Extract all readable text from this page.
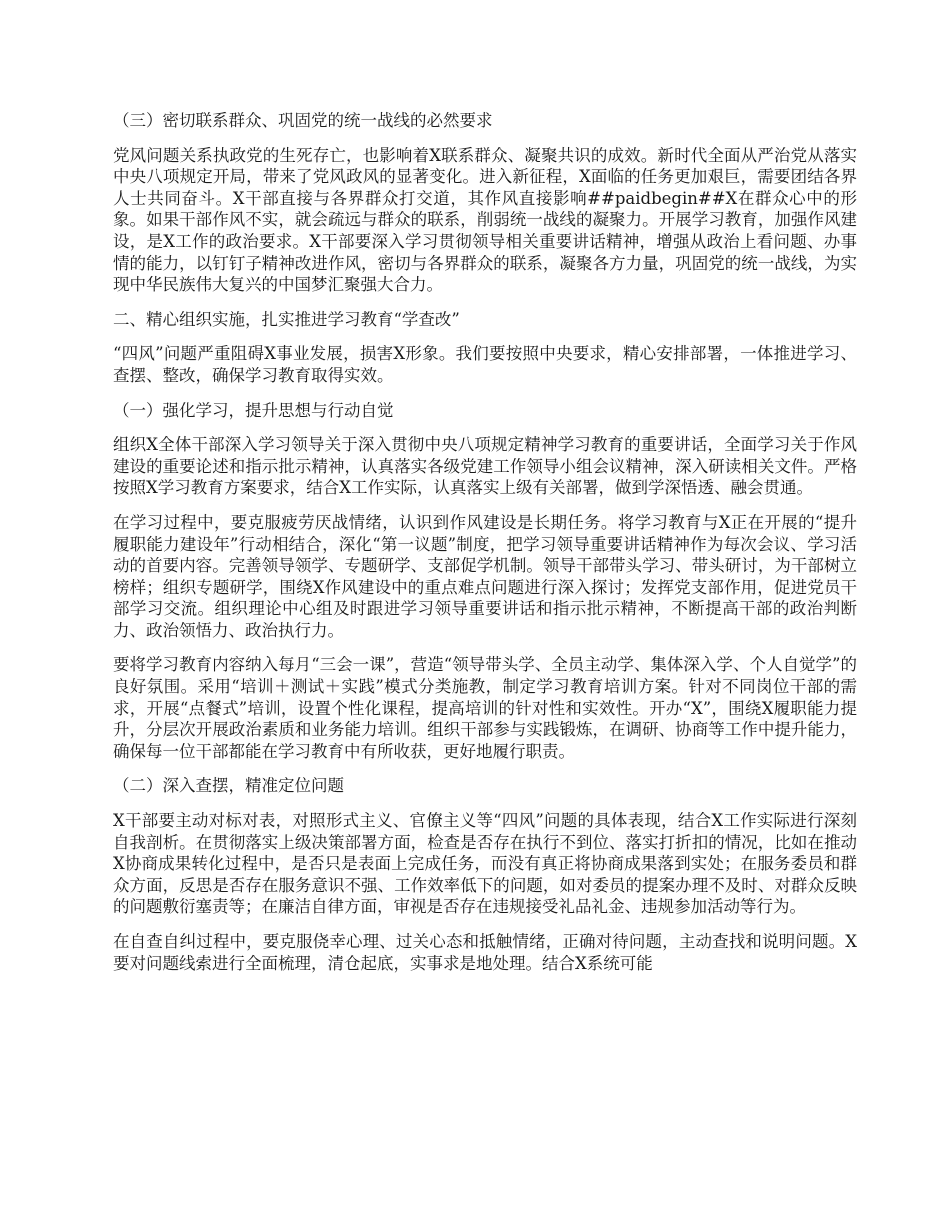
（三）密切联系群众、巩固党的统一战线的必然要求

党风问题关系执政党的生死存亡，也影响着X联系群众、凝聚共识的成效。新时代全面从严治党从落实中央八项规定开局，带来了党风政风的显著变化。进入新征程，X面临的任务更加艰巨，需要团结各界人士共同奋斗。X干部直接与各界群众打交道，其作风直接影响##paidbegin##X在群众心中的形象。如果干部作风不实，就会疏远与群众的联系，削弱统一战线的凝聚力。开展学习教育，加强作风建设，是X工作的政治要求。X干部要深入学习贯彻领导相关重要讲话精神，增强从政治上看问题、办事情的能力，以钉钉子精神改进作风，密切与各界群众的联系，凝聚各方力量，巩固党的统一战线，为实现中华民族伟大复兴的中国梦汇聚强大合力。

二、精心组织实施，扎实推进学习教育“学查改”

“四风”问题严重阻碍X事业发展，损害X形象。我们要按照中央要求，精心安排部署，一体推进学习、查摆、整改，确保学习教育取得实效。

（一）强化学习，提升思想与行动自觉

组织X全体干部深入学习领导关于深入贯彻中央八项规定精神学习教育的重要讲话，全面学习关于作风建设的重要论述和指示批示精神，认真落实各级党建工作领导小组会议精神，深入研读相关文件。严格按照X学习教育方案要求，结合X工作实际，认真落实上级有关部署，做到学深悟透、融会贯通。

在学习过程中，要克服疲劳厌战情绪，认识到作风建设是长期任务。将学习教育与X正在开展的“提升履职能力建设年”行动相结合，深化“第一议题”制度，把学习领导重要讲话精神作为每次会议、学习活动的首要内容。完善领导领学、专题研学、支部促学机制。领导干部带头学习、带头研讨，为干部树立榜样；组织专题研学，围绕X作风建设中的重点难点问题进行深入探讨；发挥党支部作用，促进党员干部学习交流。组织理论中心组及时跟进学习领导重要讲话和指示批示精神，不断提高干部的政治判断力、政治领悟力、政治执行力。

要将学习教育内容纳入每月“三会一课”，营造“领导带头学、全员主动学、集体深入学、个人自觉学”的良好氛围。采用“培训＋测试＋实践”模式分类施教，制定学习教育培训方案。针对不同岗位干部的需求，开展“点餐式”培训，设置个性化课程，提高培训的针对性和实效性。开办“X”，围绕X履职能力提升，分层次开展政治素质和业务能力培训。组织干部参与实践锻炼，在调研、协商等工作中提升能力，确保每一位干部都能在学习教育中有所收获，更好地履行职责。

（二）深入查摆，精准定位问题

X干部要主动对标对表，对照形式主义、官僚主义等“四风”问题的具体表现，结合X工作实际进行深刻自我剖析。在贯彻落实上级决策部署方面，检查是否存在执行不到位、落实打折扣的情况，比如在推动X协商成果转化过程中，是否只是表面上完成任务，而没有真正将协商成果落到实处；在服务委员和群众方面，反思是否存在服务意识不强、工作效率低下的问题，如对委员的提案办理不及时、对群众反映的问题敷衍塞责等；在廉洁自律方面，审视是否存在违规接受礼品礼金、违规参加活动等行为。

在自查自纠过程中，要克服侥幸心理、过关心态和抵触情绪，正确对待问题，主动查找和说明问题。X要对问题线索进行全面梳理，清仓起底，实事求是地处理。结合X系统可能
